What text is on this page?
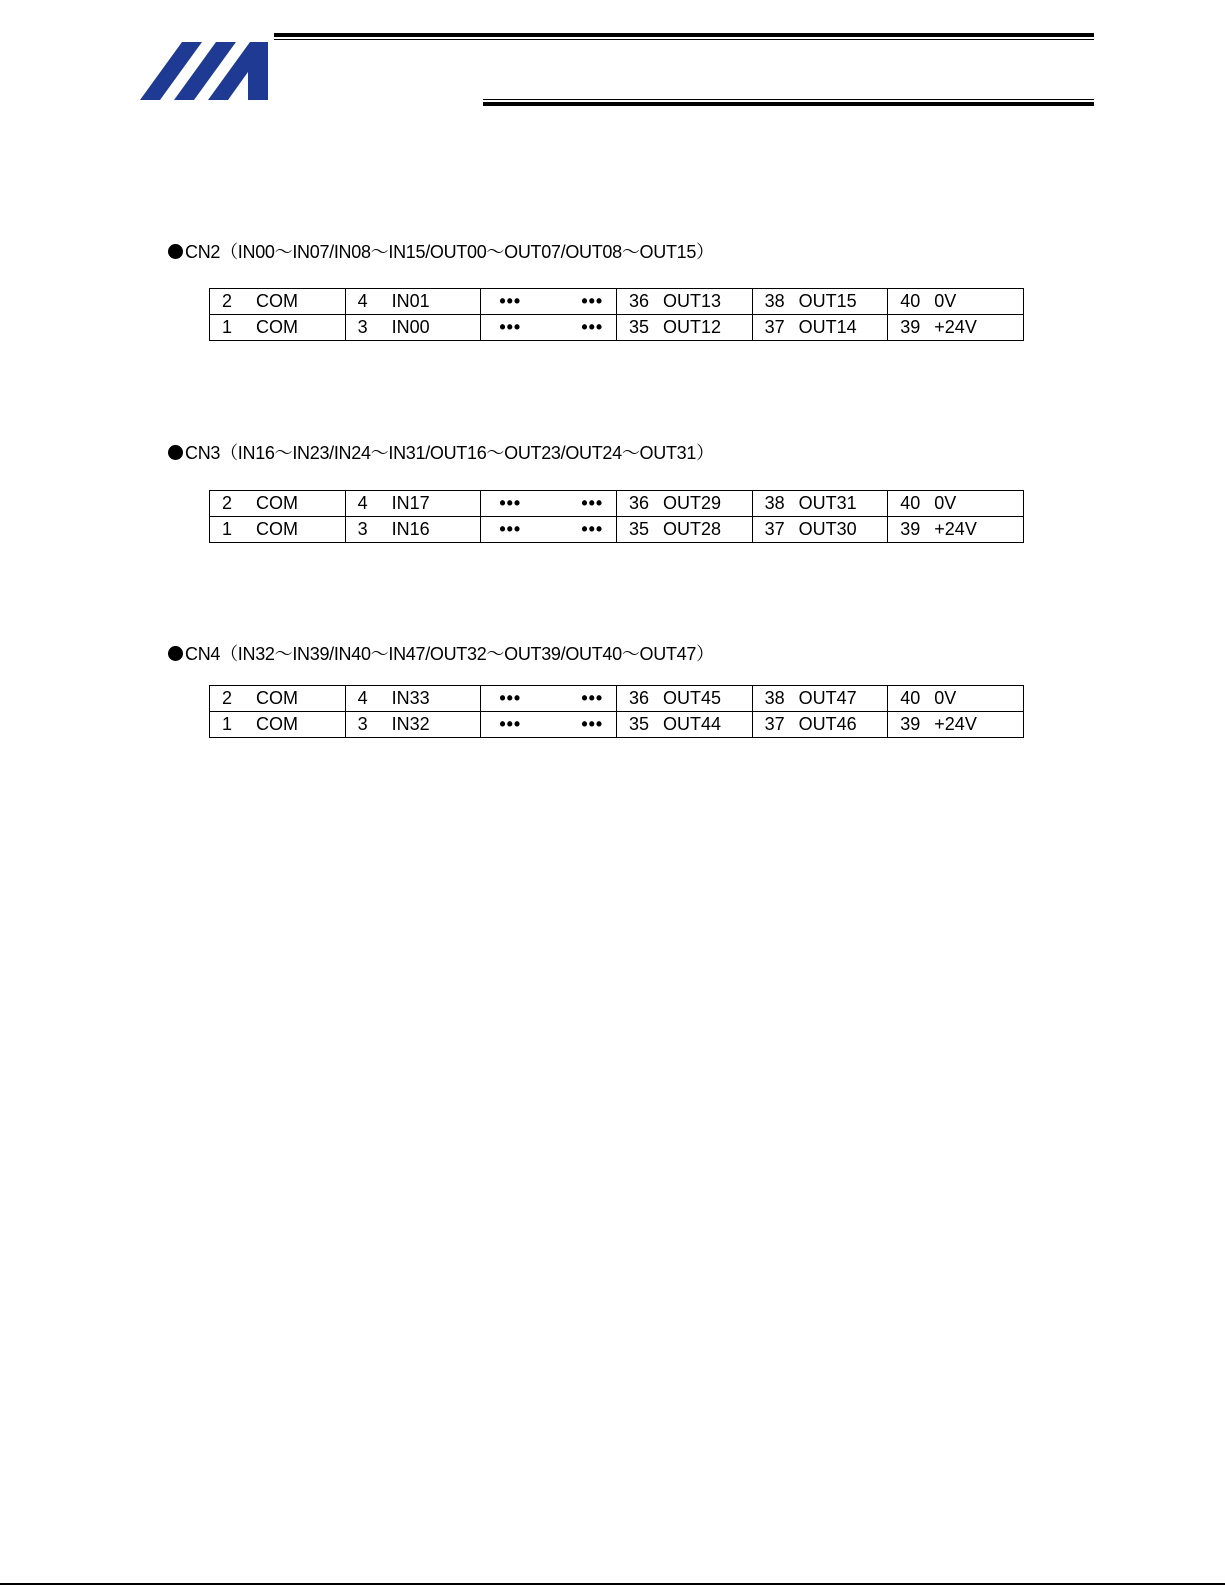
CN2（IN00～IN07/IN08～IN15/OUT00～OUT07/OUT08～OUT15）
2 COM	4 IN01	••• •••	36 OUT13	38 OUT15	40 0V
1 COM	3 IN00	••• •••	35 OUT12	37 OUT14	39 +24V
CN3（IN16～IN23/IN24～IN31/OUT16～OUT23/OUT24～OUT31）
2 COM	4 IN17	••• •••	36 OUT29	38 OUT31	40 0V
1 COM	3 IN16	••• •••	35 OUT28	37 OUT30	39 +24V
CN4（IN32～IN39/IN40～IN47/OUT32～OUT39/OUT40～OUT47）
2 COM	4 IN33	••• •••	36 OUT45	38 OUT47	40 0V
1 COM	3 IN32	••• •••	35 OUT44	37 OUT46	39 +24V
